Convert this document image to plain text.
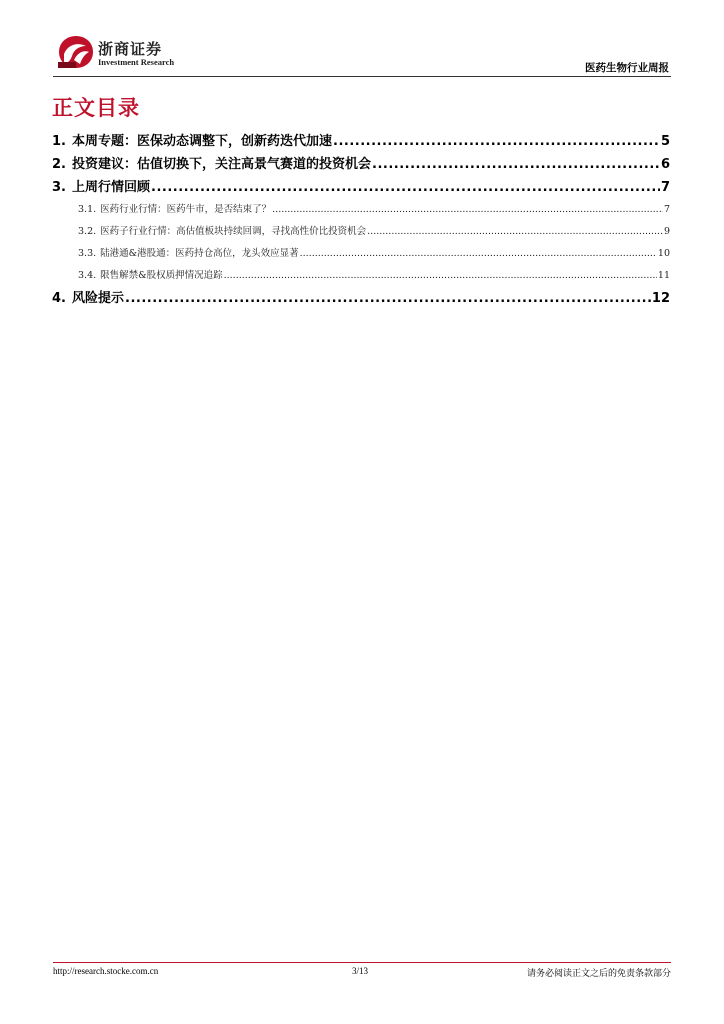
浙商证券
Investment Research	医药生物行业周报
正文目录
1. 本周专题：医保动态调整下，创新药迭代加速 .....	5
2. 投资建议：估值切换下，关注高景气赛道的投资机会 .....	6
3. 上周行情回顾 .....	7
3.1. 医药行业行情：医药牛市，是否结束了？ .....	7
3.2. 医药子行业行情：高估值板块持续回调，寻找高性价比投资机会 .....	9
3.3. 陆港通&港股通：医药持仓高位，龙头效应显著 .....	10
3.4. 限售解禁&股权质押情况追踪 .....	11
4. 风险提示 .....	12
http://research.stocke.com.cn	3/13	请务必阅读正文之后的免责条款部分
